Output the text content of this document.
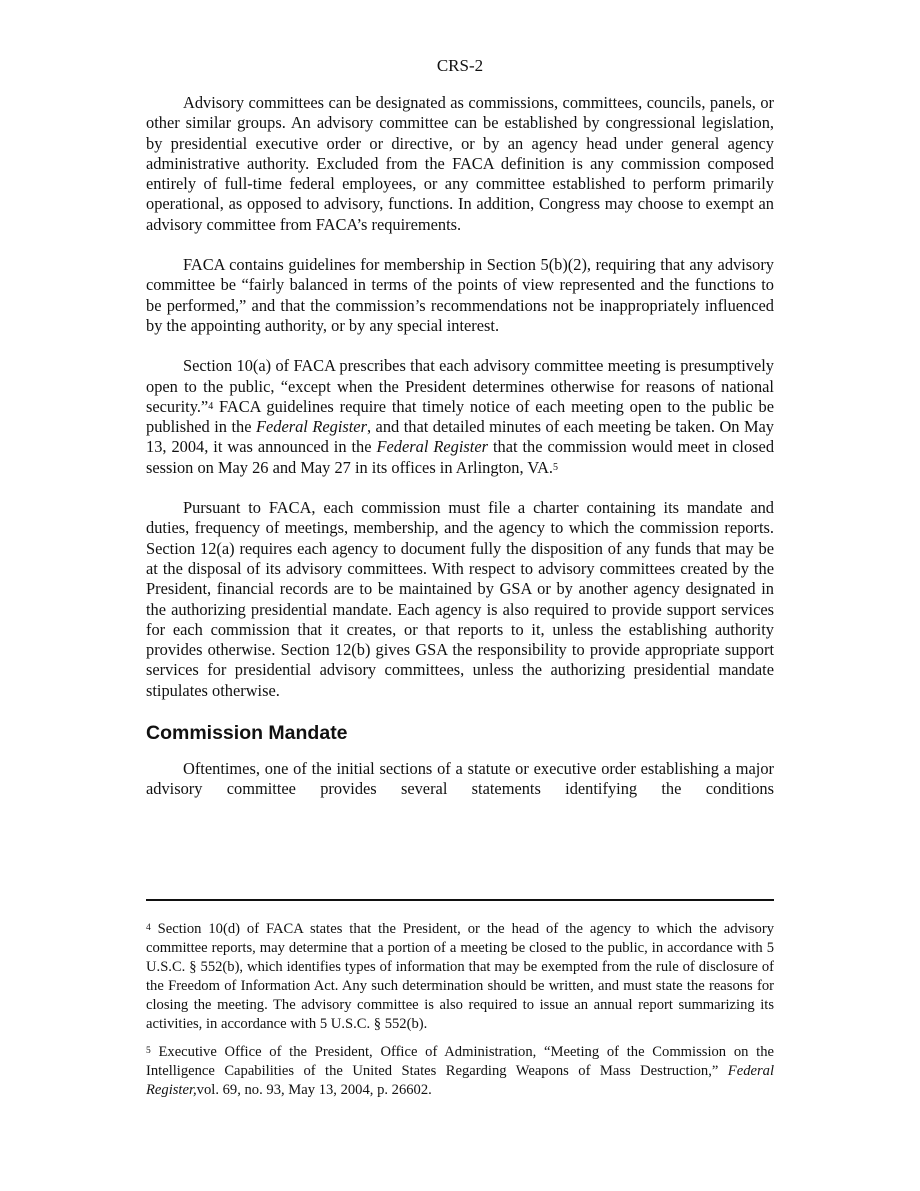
CRS-2

Advisory committees can be designated as commissions, committees, councils, panels, or other similar groups. An advisory committee can be established by congressional legislation, by presidential executive order or directive, or by an agency head under general agency administrative authority. Excluded from the FACA definition is any commission composed entirely of full-time federal employees, or any committee established to perform primarily operational, as opposed to advisory, functions. In addition, Congress may choose to exempt an advisory committee from FACA’s requirements.

FACA contains guidelines for membership in Section 5(b)(2), requiring that any advisory committee be “fairly balanced in terms of the points of view represented and the functions to be performed,” and that the commission’s recommendations not be inappropriately influenced by the appointing authority, or by any special interest.

Section 10(a) of FACA prescribes that each advisory committee meeting is presumptively open to the public, “except when the President determines otherwise for reasons of national security.”$^4$ FACA guidelines require that timely notice of each meeting open to the public be published in the Federal Register, and that detailed minutes of each meeting be taken. On May 13, 2004, it was announced in the Federal Register that the commission would meet in closed session on May 26 and May 27 in its offices in Arlington, VA.$^5$

Pursuant to FACA, each commission must file a charter containing its mandate and duties, frequency of meetings, membership, and the agency to which the commission reports. Section 12(a) requires each agency to document fully the disposition of any funds that may be at the disposal of its advisory committees. With respect to advisory committees created by the President, financial records are to be maintained by GSA or by another agency designated in the authorizing presidential mandate. Each agency is also required to provide support services for each commission that it creates, or that reports to it, unless the establishing authority provides otherwise. Section 12(b) gives GSA the responsibility to provide appropriate support services for presidential advisory committees, unless the authorizing presidential mandate stipulates otherwise.

Commission Mandate

Oftentimes, one of the initial sections of a statute or executive order establishing a major advisory committee provides several statements identifying the conditions

$^4$ Section 10(d) of FACA states that the President, or the head of the agency to which the advisory committee reports, may determine that a portion of a meeting be closed to the public, in accordance with 5 U.S.C. § 552(b), which identifies types of information that may be exempted from the rule of disclosure of the Freedom of Information Act. Any such determination should be written, and must state the reasons for closing the meeting. The advisory committee is also required to issue an annual report summarizing its activities, in accordance with 5 U.S.C. § 552(b).

$^5$ Executive Office of the President, Office of Administration, “Meeting of the Commission on the Intelligence Capabilities of the United States Regarding Weapons of Mass Destruction,” Federal Register,vol. 69, no. 93, May 13, 2004, p. 26602.
